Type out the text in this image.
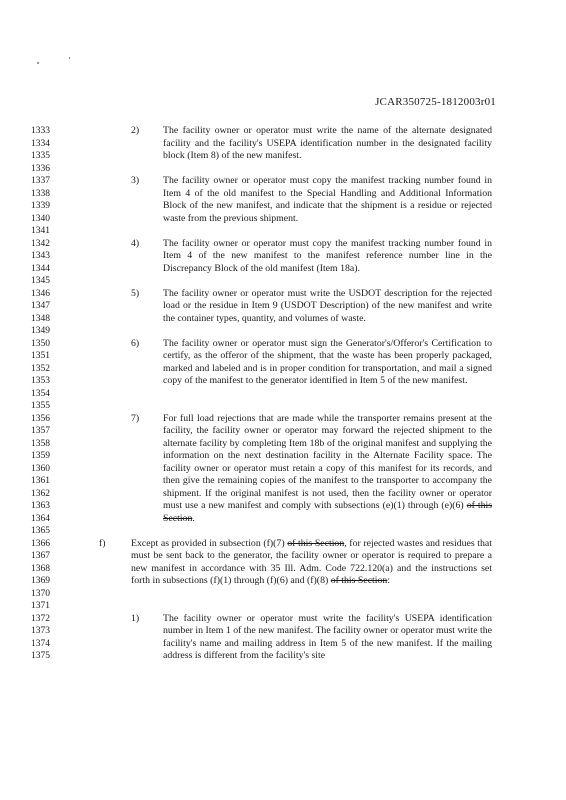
JCAR350725-1812003r01
1333
1334
1335
1336
1337
1338
1339
1340
1341
1342
1343
1344
1345
1346
1347
1348
1349
1350
1351
1352
1353
1354
1355
1356
1357
1358
1359
1360
1361
1362
1363
1364
1365
1366
1367
1368
1369
1370
1371
1372
1373
1374
1375
2) The facility owner or operator must write the name of the alternate designated facility and the facility's USEPA identification number in the designated facility block (Item 8) of the new manifest.
3) The facility owner or operator must copy the manifest tracking number found in Item 4 of the old manifest to the Special Handling and Additional Information Block of the new manifest, and indicate that the shipment is a residue or rejected waste from the previous shipment.
4) The facility owner or operator must copy the manifest tracking number found in Item 4 of the new manifest to the manifest reference number line in the Discrepancy Block of the old manifest (Item 18a).
5) The facility owner or operator must write the USDOT description for the rejected load or the residue in Item 9 (USDOT Description) of the new manifest and write the container types, quantity, and volumes of waste.
6) The facility owner or operator must sign the Generator's/Offeror's Certification to certify, as the offeror of the shipment, that the waste has been properly packaged, marked and labeled and is in proper condition for transportation, and mail a signed copy of the manifest to the generator identified in Item 5 of the new manifest.
7) For full load rejections that are made while the transporter remains present at the facility, the facility owner or operator may forward the rejected shipment to the alternate facility by completing Item 18b of the original manifest and supplying the information on the next destination facility in the Alternate Facility space. The facility owner or operator must retain a copy of this manifest for its records, and then give the remaining copies of the manifest to the transporter to accompany the shipment. If the original manifest is not used, then the facility owner or operator must use a new manifest and comply with subsections (e)(1) through (e)(6) of this Section.
f)	Except as provided in subsection (f)(7) of this Section, for rejected wastes and residues that must be sent back to the generator, the facility owner or operator is required to prepare a new manifest in accordance with 35 Ill. Adm. Code 722.120(a) and the instructions set forth in subsections (f)(1) through (f)(6) and (f)(8) of this Section:
1) The facility owner or operator must write the facility's USEPA identification number in Item 1 of the new manifest. The facility owner or operator must write the facility's name and mailing address in Item 5 of the new manifest. If the mailing address is different from the facility's site
